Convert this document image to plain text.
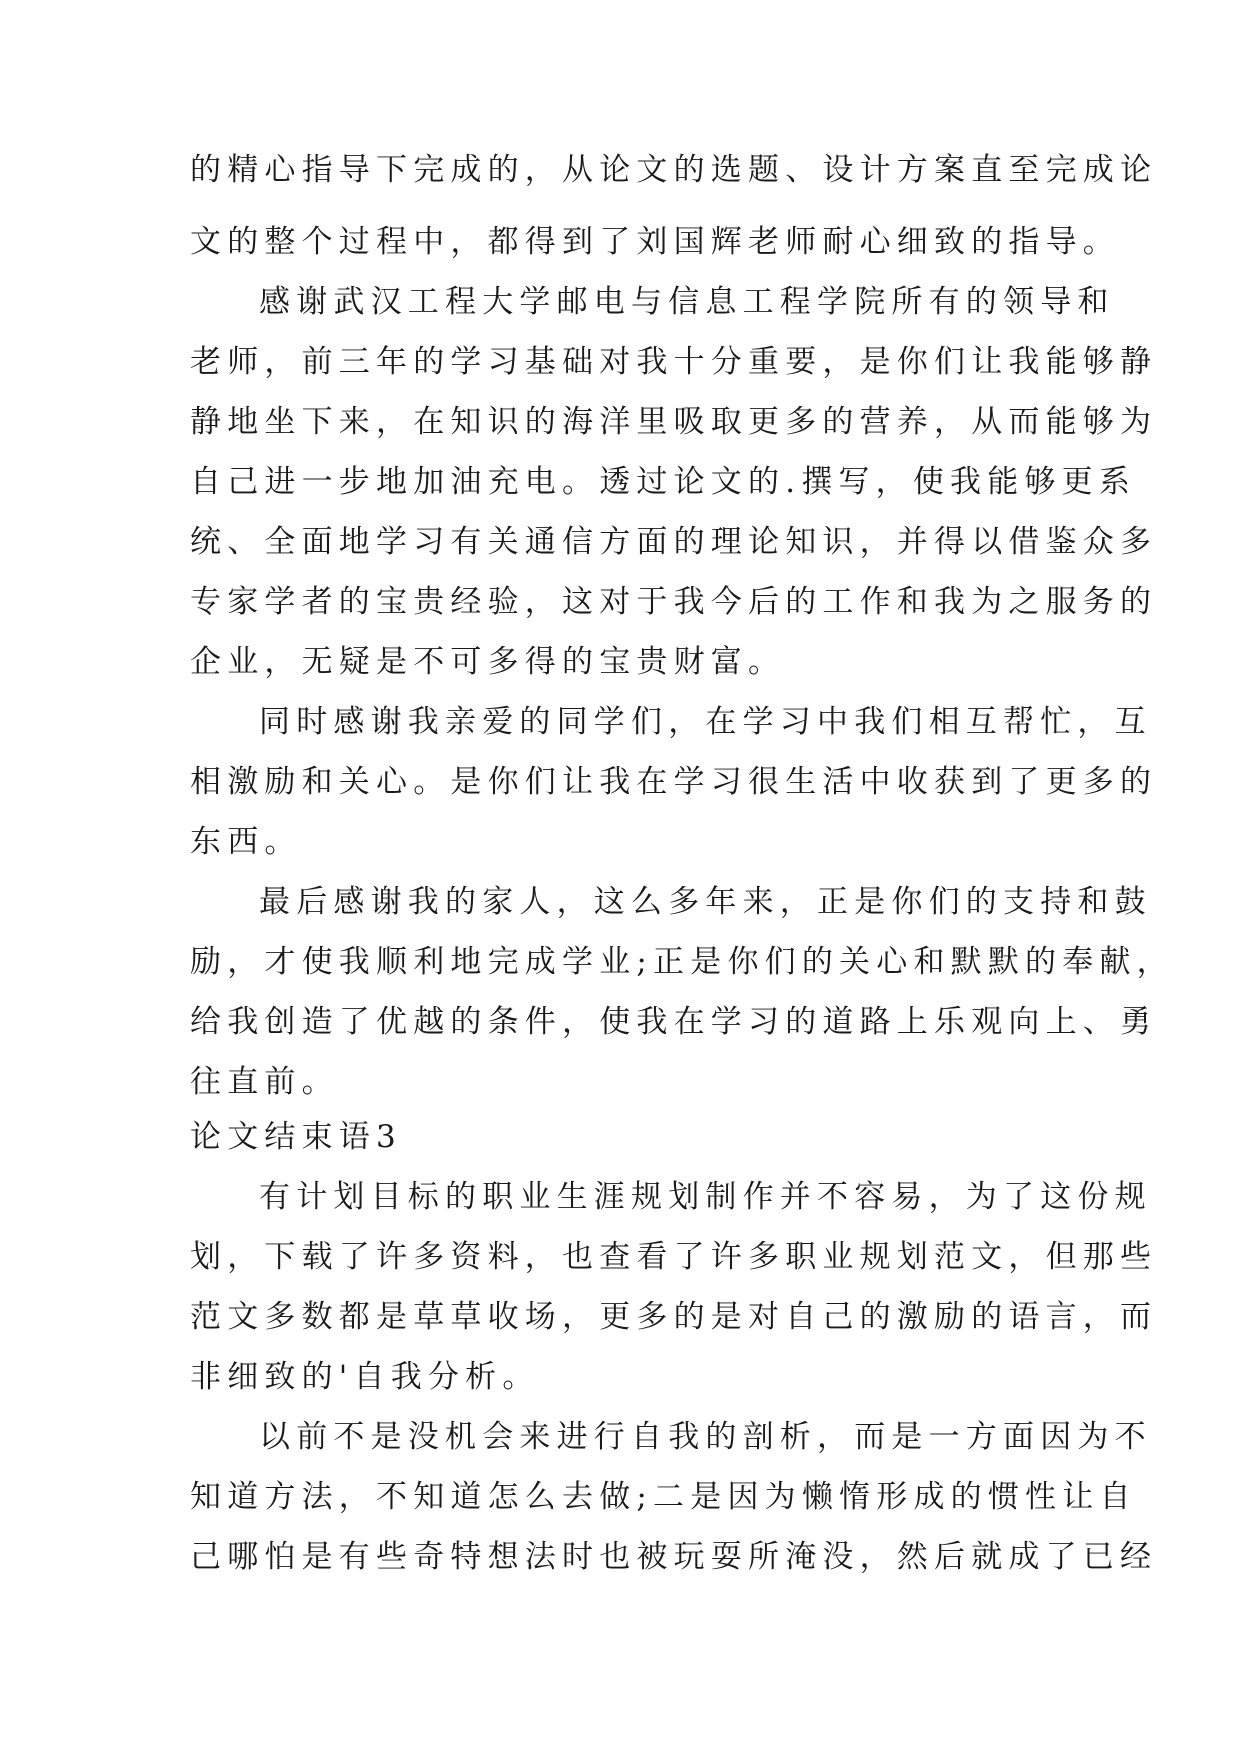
的精心指导下完成的，从论文的选题、设计方案直至完成论
文的整个过程中，都得到了刘国辉老师耐心细致的指导。
感谢武汉工程大学邮电与信息工程学院所有的领导和
老师，前三年的学习基础对我十分重要，是你们让我能够静
静地坐下来，在知识的海洋里吸取更多的营养，从而能够为
自己进一步地加油充电。透过论文的.撰写，使我能够更系
统、全面地学习有关通信方面的理论知识，并得以借鉴众多
专家学者的宝贵经验，这对于我今后的工作和我为之服务的
企业，无疑是不可多得的宝贵财富。
同时感谢我亲爱的同学们，在学习中我们相互帮忙，互
相激励和关心。是你们让我在学习很生活中收获到了更多的
东西。
最后感谢我的家人，这么多年来，正是你们的支持和鼓
励，才使我顺利地完成学业;正是你们的关心和默默的奉献，
给我创造了优越的条件，使我在学习的道路上乐观向上、勇
往直前。
论文结束语3
有计划目标的职业生涯规划制作并不容易，为了这份规
划，下载了许多资料，也查看了许多职业规划范文，但那些
范文多数都是草草收场，更多的是对自己的激励的语言，而
非细致的'自我分析。
以前不是没机会来进行自我的剖析，而是一方面因为不
知道方法，不知道怎么去做;二是因为懒惰形成的惯性让自
己哪怕是有些奇特想法时也被玩耍所淹没，然后就成了已经
